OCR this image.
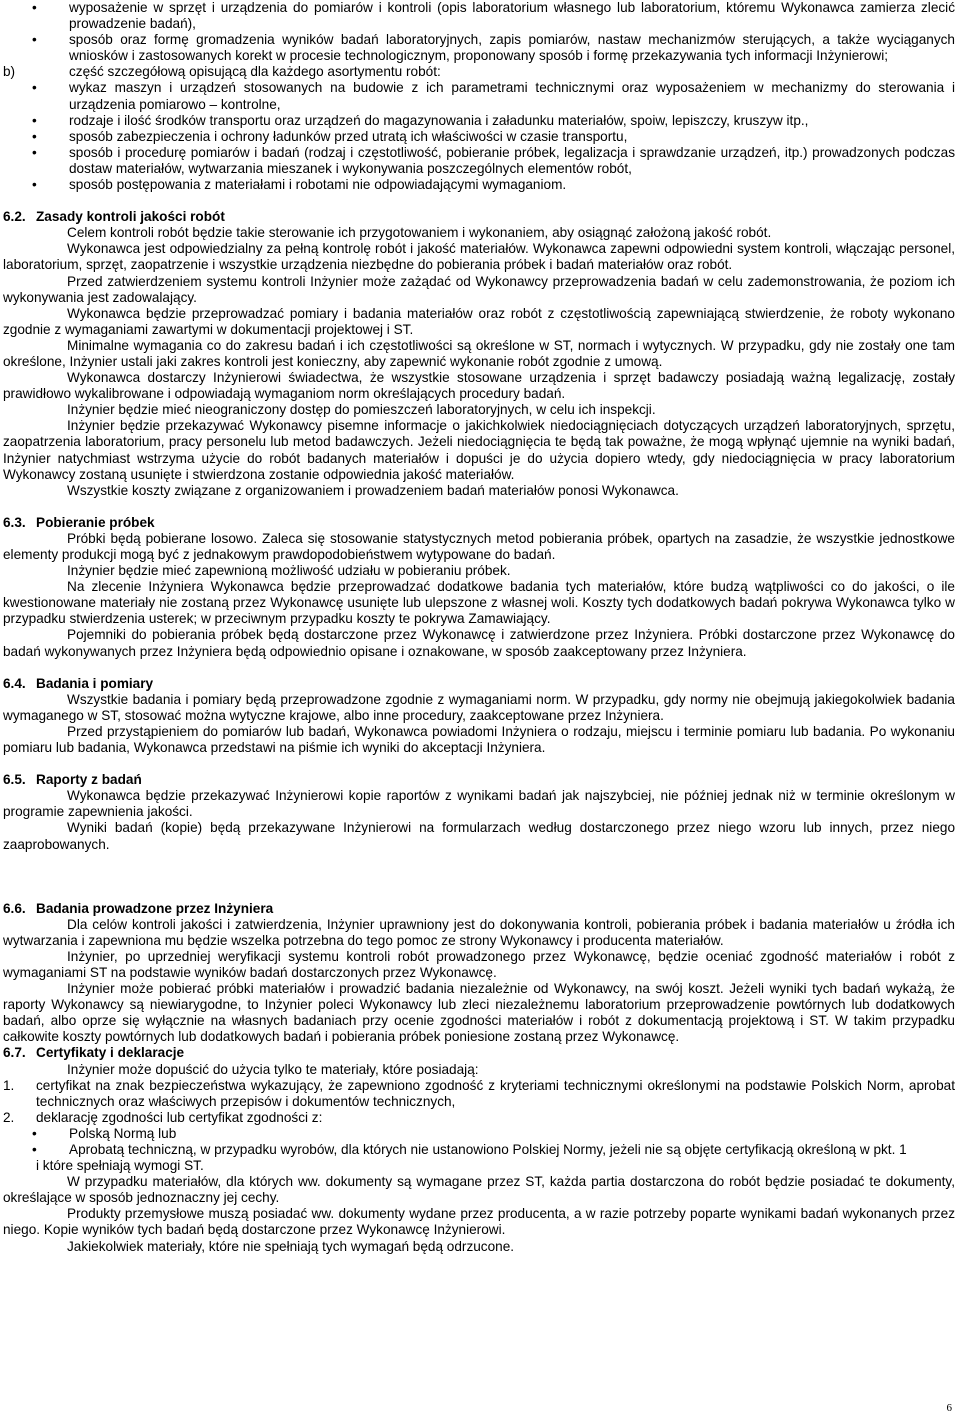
• wyposażenie w sprzęt i urządzenia do pomiarów i kontroli (opis laboratorium własnego lub laboratorium, któremu Wykonawca zamierza zlecić prowadzenie badań),
• sposób oraz formę gromadzenia wyników badań laboratoryjnych, zapis pomiarów, nastaw mechanizmów sterujących, a także wyciąganych wniosków i zastosowanych korekt w procesie technologicznym, proponowany sposób i formę przekazywania tych informacji Inżynierowi;
b)	część szczegółową opisującą dla każdego asortymentu robót:
• wykaz maszyn i urządzeń stosowanych na budowie z ich parametrami technicznymi oraz wyposażeniem w mechanizmy do sterowania i urządzenia pomiarowo – kontrolne,
• rodzaje i ilość środków transportu oraz urządzeń do magazynowania i załadunku materiałów, spoiw, lepiszczy, kruszyw itp.,
• sposób zabezpieczenia i ochrony ładunków przed utratą ich właściwości w czasie transportu,
• sposób i procedurę pomiarów i badań (rodzaj i częstotliwość, pobieranie próbek, legalizacja i sprawdzanie urządzeń, itp.) prowadzonych podczas dostaw materiałów, wytwarzania mieszanek i wykonywania poszczególnych elementów robót,
• sposób postępowania z materiałami i robotami nie odpowiadającymi wymaganiom.
6.2. Zasady kontroli jakości robót

Celem kontroli robót będzie takie sterowanie ich przygotowaniem i wykonaniem, aby osiągnąć założoną jakość robót.

Wykonawca jest odpowiedzialny za pełną kontrolę robót i jakość materiałów. Wykonawca zapewni odpowiedni system kontroli, włączając personel, laboratorium, sprzęt, zaopatrzenie i wszystkie urządzenia niezbędne do pobierania próbek i badań materiałów oraz robót.

Przed zatwierdzeniem systemu kontroli Inżynier może zażądać od Wykonawcy przeprowadzenia badań w celu zademonstrowania, że poziom ich wykonywania jest zadowalający.

Wykonawca będzie przeprowadzać pomiary i badania materiałów oraz robót z częstotliwością zapewniającą stwierdzenie, że roboty wykonano zgodnie z wymaganiami zawartymi w dokumentacji projektowej i ST.

Minimalne wymagania co do zakresu badań i ich częstotliwości są określone w ST, normach i wytycznych. W przypadku, gdy nie zostały one tam określone, Inżynier ustali jaki zakres kontroli jest konieczny, aby zapewnić wykonanie robót zgodnie z umową.

Wykonawca dostarczy Inżynierowi świadectwa, że wszystkie stosowane urządzenia i sprzęt badawczy posiadają ważną legalizację, zostały prawidłowo wykalibrowane i odpowiadają wymaganiom norm określających procedury badań.

Inżynier będzie mieć nieograniczony dostęp do pomieszczeń laboratoryjnych, w celu ich inspekcji.

Inżynier będzie przekazywać Wykonawcy pisemne informacje o jakichkolwiek niedociągnięciach dotyczących urządzeń laboratoryjnych, sprzętu, zaopatrzenia laboratorium, pracy personelu lub metod badawczych. Jeżeli niedociągnięcia te będą tak poważne, że mogą wpłynąć ujemnie na wyniki badań, Inżynier natychmiast wstrzyma użycie do robót badanych materiałów i dopuści je do użycia dopiero wtedy, gdy niedociągnięcia w pracy laboratorium Wykonawcy zostaną usunięte i stwierdzona zostanie odpowiednia jakość materiałów.

Wszystkie koszty związane z organizowaniem i prowadzeniem badań materiałów ponosi Wykonawca.

6.3. Pobieranie próbek

Próbki będą pobierane losowo. Zaleca się stosowanie statystycznych metod pobierania próbek, opartych na zasadzie, że wszystkie jednostkowe elementy produkcji mogą być z jednakowym prawdopodobieństwem wytypowane do badań.

Inżynier będzie mieć zapewnioną możliwość udziału w pobieraniu próbek.

Na zlecenie Inżyniera Wykonawca będzie przeprowadzać dodatkowe badania tych materiałów, które budzą wątpliwości co do jakości, o ile kwestionowane materiały nie zostaną przez Wykonawcę usunięte lub ulepszone z własnej woli. Koszty tych dodatkowych badań pokrywa Wykonawca tylko w przypadku stwierdzenia usterek; w przeciwnym przypadku koszty te pokrywa Zamawiający.

Pojemniki do pobierania próbek będą dostarczone przez Wykonawcę i zatwierdzone przez Inżyniera. Próbki dostarczone przez Wykonawcę do badań wykonywanych przez Inżyniera będą odpowiednio opisane i oznakowane, w sposób zaakceptowany przez Inżyniera.

6.4. Badania i pomiary

Wszystkie badania i pomiary będą przeprowadzone zgodnie z wymaganiami norm. W przypadku, gdy normy nie obejmują jakiegokolwiek badania wymaganego w ST, stosować można wytyczne krajowe, albo inne procedury, zaakceptowane przez Inżyniera.

Przed przystąpieniem do pomiarów lub badań, Wykonawca powiadomi Inżyniera o rodzaju, miejscu i terminie pomiaru lub badania. Po wykonaniu pomiaru lub badania, Wykonawca przedstawi na piśmie ich wyniki do akceptacji Inżyniera.

6.5. Raporty z badań

Wykonawca będzie przekazywać Inżynierowi kopie raportów z wynikami badań jak najszybciej, nie później jednak niż w terminie określonym w programie zapewnienia jakości.

Wyniki badań (kopie) będą przekazywane Inżynierowi na formularzach według dostarczonego przez niego wzoru lub innych, przez niego zaaprobowanych.

6.6. Badania prowadzone przez Inżyniera

Dla celów kontroli jakości i zatwierdzenia, Inżynier uprawniony jest do dokonywania kontroli, pobierania próbek i badania materiałów u źródła ich wytwarzania i zapewniona mu będzie wszelka potrzebna do tego pomoc ze strony Wykonawcy i producenta materiałów.

Inżynier, po uprzedniej weryfikacji systemu kontroli robót prowadzonego przez Wykonawcę, będzie oceniać zgodność materiałów i robót z wymaganiami ST na podstawie wyników badań dostarczonych przez Wykonawcę.

Inżynier może pobierać próbki materiałów i prowadzić badania niezależnie od Wykonawcy, na swój koszt. Jeżeli wyniki tych badań wykażą, że raporty Wykonawcy są niewiarygodne, to Inżynier poleci Wykonawcy lub zleci niezależnemu laboratorium przeprowadzenie powtórnych lub dodatkowych badań, albo oprze się wyłącznie na własnych badaniach przy ocenie zgodności materiałów i robót z dokumentacją projektową i ST. W takim przypadku całkowite koszty powtórnych lub dodatkowych badań i pobierania próbek poniesione zostaną przez Wykonawcę.

6.7. Certyfikaty i deklaracje

Inżynier może dopuścić do użycia tylko te materiały, które posiadają:

1. certyfikat na znak bezpieczeństwa wykazujący, że zapewniono zgodność z kryteriami technicznymi określonymi na podstawie Polskich Norm, aprobat technicznych oraz właściwych przepisów i dokumentów technicznych,
2. deklarację zgodności lub certyfikat zgodności z:
• Polską Normą lub
• Aprobatą techniczną, w przypadku wyrobów, dla których nie ustanowiono Polskiej Normy, jeżeli nie są objęte certyfikacją określoną w pkt. 1

i które spełniają wymogi ST.

W przypadku materiałów, dla których ww. dokumenty są wymagane przez ST, każda partia dostarczona do robót będzie posiadać te dokumenty, określające w sposób jednoznaczny jej cechy.

Produkty przemysłowe muszą posiadać ww. dokumenty wydane przez producenta, a w razie potrzeby poparte wynikami badań wykonanych przez niego. Kopie wyników tych badań będą dostarczone przez Wykonawcę Inżynierowi.

Jakiekolwiek materiały, które nie spełniają tych wymagań będą odrzucone.

6
